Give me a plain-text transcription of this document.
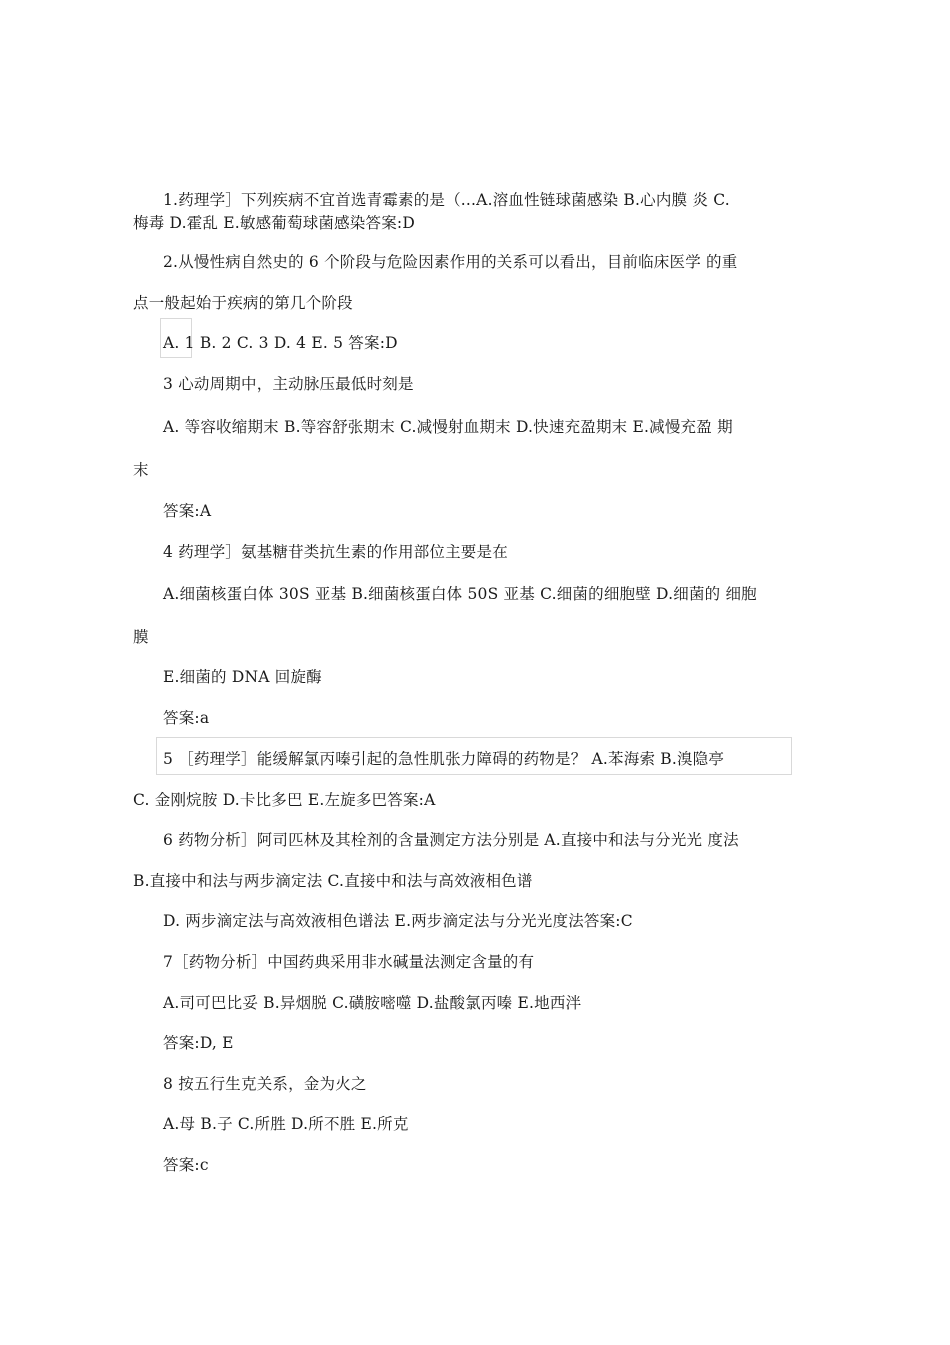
1.药理学］下列疾病不宜首选青霉素的是（...A.溶血性链球菌感染 B.心内膜 炎 C.
梅毒 D.霍乱 E.敏感葡萄球菌感染答案:D
2.从慢性病自然史的 6 个阶段与危险因素作用的关系可以看出，目前临床医学 的重
点一般起始于疾病的第几个阶段
A. 1 B. 2 C. 3 D. 4 E. 5 答案:D
3 心动周期中，主动脉压最低时刻是
A. 等容收缩期末 B.等容舒张期末 C.减慢射血期末 D.快速充盈期末 E.减慢充盈 期
末
答案:A
4 药理学］氨基糖苷类抗生素的作用部位主要是在
A.细菌核蛋白体 30S 亚基 B.细菌核蛋白体 50S 亚基 C.细菌的细胞壁 D.细菌的 细胞
膜
E.细菌的 DNA 回旋酶
答案:a
5 ［药理学］能缓解氯丙嗪引起的急性肌张力障碍的药物是？ A.苯海索 B.溴隐亭
C. 金刚烷胺 D.卡比多巴 E.左旋多巴答案:A
6 药物分析］阿司匹林及其栓剂的含量测定方法分别是 A.直接中和法与分光光 度法
B.直接中和法与两步滴定法 C.直接中和法与高效液相色谱
D. 两步滴定法与高效液相色谱法 E.两步滴定法与分光光度法答案:C
7［药物分析］中国药典采用非水碱量法测定含量的有
A.司可巴比妥 B.异烟脱 C.磺胺嘧噬 D.盐酸氯丙嗪 E.地西泮
答案:D, E
8 按五行生克关系，金为火之
A.母 B.子 C.所胜 D.所不胜 E.所克
答案:c
